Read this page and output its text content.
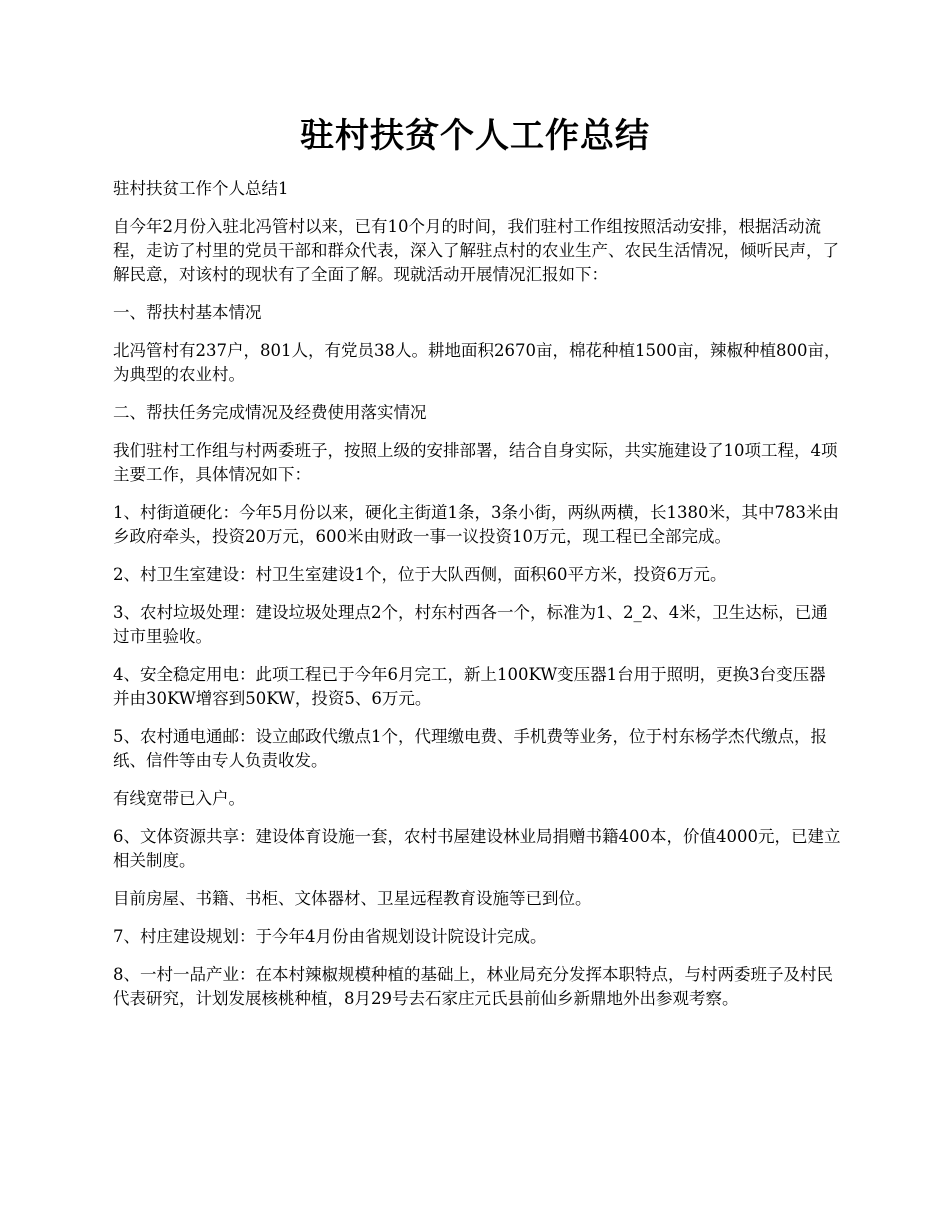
驻村扶贫个人工作总结

驻村扶贫工作个人总结1

自今年2月份入驻北冯管村以来，已有10个月的时间，我们驻村工作组按照活动安排，根据活动流程，走访了村里的党员干部和群众代表，深入了解驻点村的农业生产、农民生活情况，倾听民声，了解民意，对该村的现状有了全面了解。现就活动开展情况汇报如下：

一、帮扶村基本情况

北冯管村有237户，801人，有党员38人。耕地面积2670亩，棉花种植1500亩，辣椒种植800亩，为典型的农业村。

二、帮扶任务完成情况及经费使用落实情况

我们驻村工作组与村两委班子，按照上级的安排部署，结合自身实际，共实施建设了10项工程，4项主要工作，具体情况如下：

1、村街道硬化：今年5月份以来，硬化主街道1条，3条小街，两纵两横，长1380米，其中783米由乡政府牵头，投资20万元，600米由财政一事一议投资10万元，现工程已全部完成。

2、村卫生室建设：村卫生室建设1个，位于大队西侧，面积60平方米，投资6万元。

3、农村垃圾处理：建设垃圾处理点2个，村东村西各一个，标准为1、2_2、4米，卫生达标，已通过市里验收。

4、安全稳定用电：此项工程已于今年6月完工，新上100KW变压器1台用于照明，更换3台变压器并由30KW增容到50KW，投资5、6万元。

5、农村通电通邮：设立邮政代缴点1个，代理缴电费、手机费等业务，位于村东杨学杰代缴点，报纸、信件等由专人负责收发。

有线宽带已入户。

6、文体资源共享：建设体育设施一套，农村书屋建设林业局捐赠书籍400本，价值4000元，已建立相关制度。

目前房屋、书籍、书柜、文体器材、卫星远程教育设施等已到位。

7、村庄建设规划：于今年4月份由省规划设计院设计完成。

8、一村一品产业：在本村辣椒规模种植的基础上，林业局充分发挥本职特点，与村两委班子及村民代表研究，计划发展核桃种植，8月29号去石家庄元氏县前仙乡新鼎地外出参观考察。
